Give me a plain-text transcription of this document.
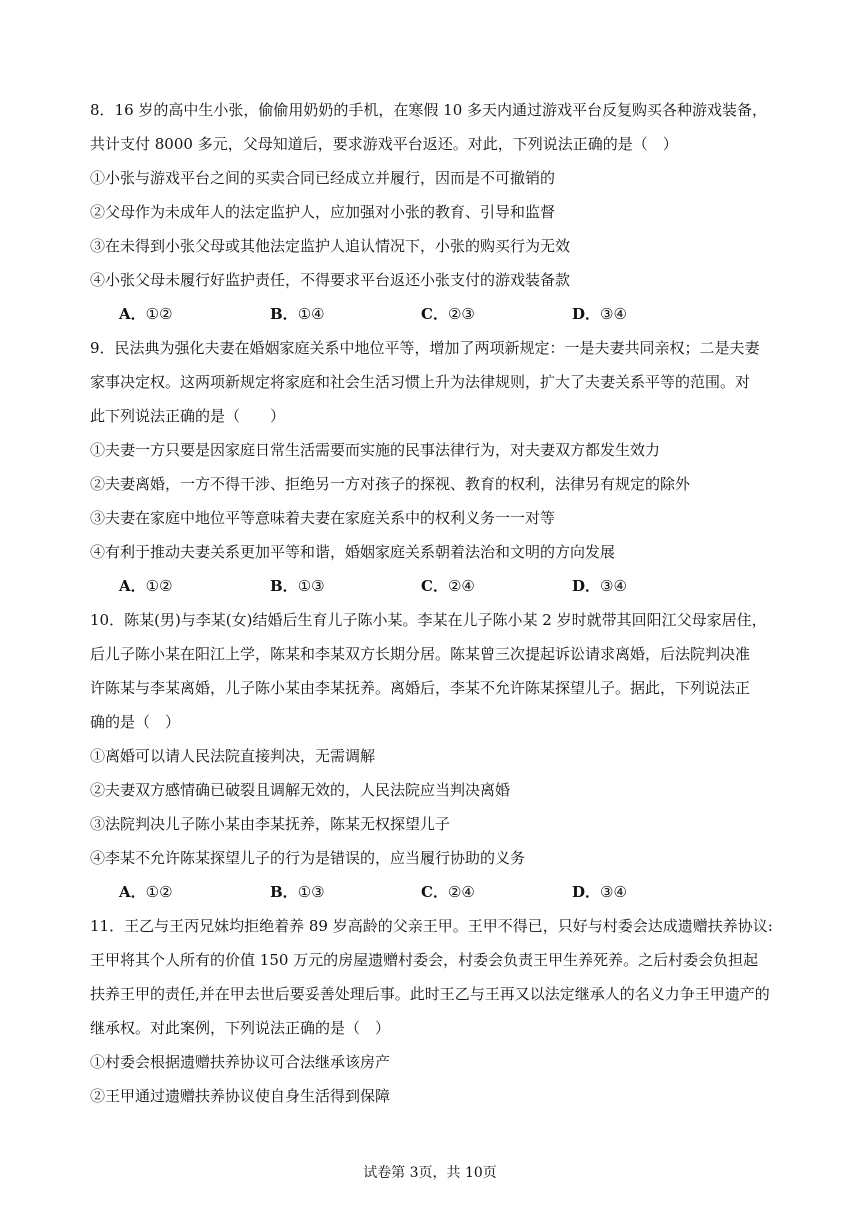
8．16 岁的高中生小张，偷偷用奶奶的手机，在寒假 10 多天内通过游戏平台反复购买各种游戏装备，
共计支付 8000 多元，父母知道后，要求游戏平台返还。对此，下列说法正确的是（　）
①小张与游戏平台之间的买卖合同已经成立并履行，因而是不可撤销的
②父母作为未成年人的法定监护人，应加强对小张的教育、引导和监督
③在未得到小张父母或其他法定监护人追认情况下，小张的购买行为无效
④小张父母未履行好监护责任，不得要求平台返还小张支付的游戏装备款
A．①②	B．①④	C．②③	D．③④
9．民法典为强化夫妻在婚姻家庭关系中地位平等，增加了两项新规定：一是夫妻共同亲权；二是夫妻
家事决定权。这两项新规定将家庭和社会生活习惯上升为法律规则，扩大了夫妻关系平等的范围。对
此下列说法正确的是（　　）
①夫妻一方只要是因家庭日常生活需要而实施的民事法律行为，对夫妻双方都发生效力
②夫妻离婚，一方不得干涉、拒绝另一方对孩子的探视、教育的权利，法律另有规定的除外
③夫妻在家庭中地位平等意味着夫妻在家庭关系中的权利义务一一对等
④有利于推动夫妻关系更加平等和谐，婚姻家庭关系朝着法治和文明的方向发展
A．①②	B．①③	C．②④	D．③④
10．陈某(男)与李某(女)结婚后生育儿子陈小某。李某在儿子陈小某 2 岁时就带其回阳江父母家居住，
后儿子陈小某在阳江上学，陈某和李某双方长期分居。陈某曾三次提起诉讼请求离婚，后法院判决准
许陈某与李某离婚，儿子陈小某由李某抚养。离婚后，李某不允许陈某探望儿子。据此，下列说法正
确的是（　）
①离婚可以请人民法院直接判决，无需调解
②夫妻双方感情确已破裂且调解无效的，人民法院应当判决离婚
③法院判决儿子陈小某由李某抚养，陈某无权探望儿子
④李某不允许陈某探望儿子的行为是错误的，应当履行协助的义务
A．①②	B．①③	C．②④	D．③④
11．王乙与王丙兄妹均拒绝着养 89 岁高龄的父亲王甲。王甲不得已，只好与村委会达成遗赠扶养协议:
王甲将其个人所有的价值 150 万元的房屋遗赠村委会，村委会负责王甲生养死养。之后村委会负担起
扶养王甲的责任,并在甲去世后要妥善处理后事。此时王乙与王再又以法定继承人的名义力争王甲遗产的
继承权。对此案例，下列说法正确的是（　）
①村委会根据遗赠扶养协议可合法继承该房产
②王甲通过遗赠扶养协议使自身生活得到保障
试卷第 3页，共 10页
